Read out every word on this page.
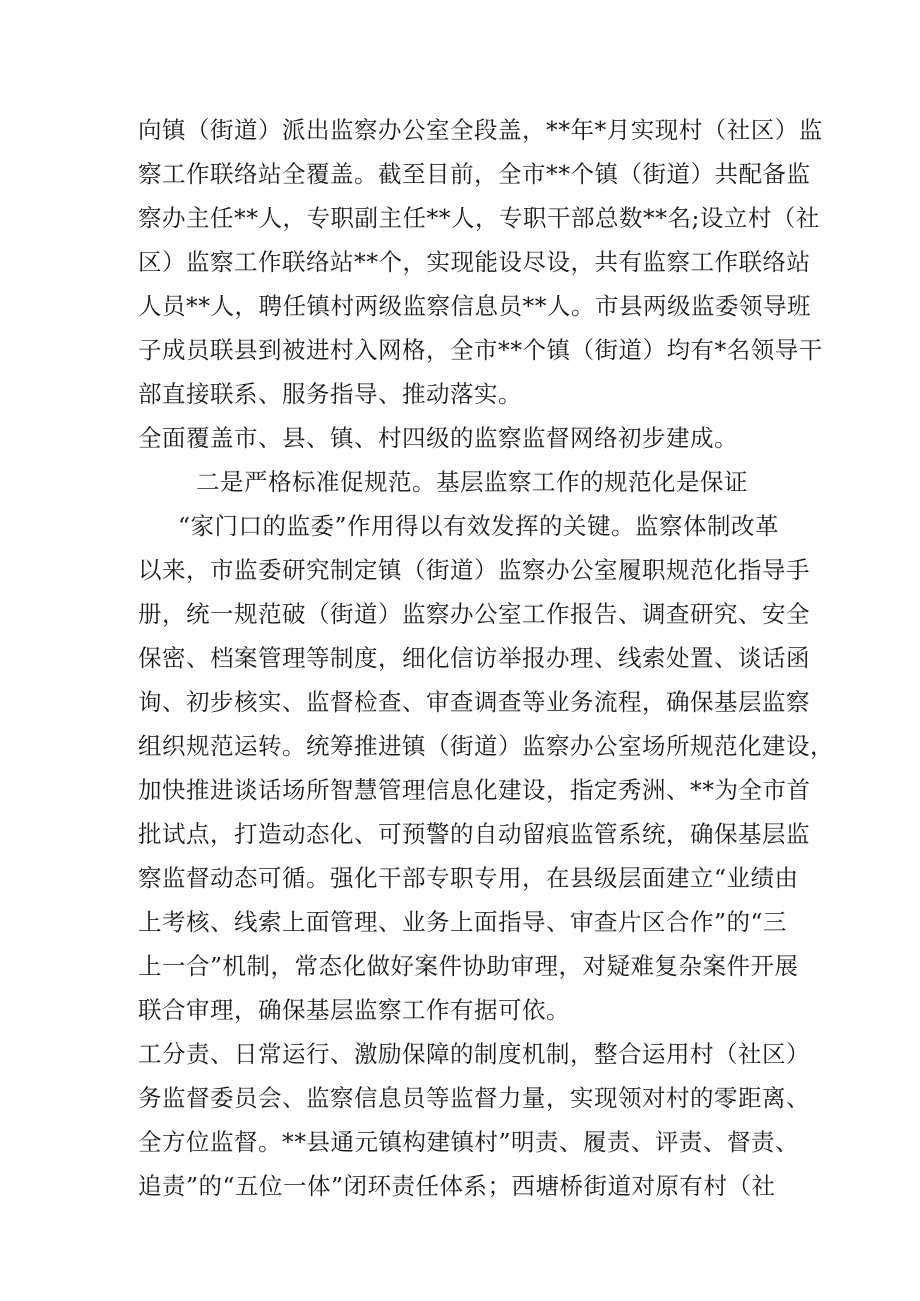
向镇（街道）派出监察办公室全段盖，**年*月实现村（社区）监
察工作联络站全覆盖。截至目前，全市**个镇（街道）共配备监
察办主任**人，专职副主任**人，专职干部总数**名;设立村（社
区）监察工作联络站**个，实现能设尽设，共有监察工作联络站
人员**人，聘任镇村两级监察信息员**人。市县两级监委领导班
子成员联县到被进村入网格，全市**个镇（街道）均有*名领导干
部直接联系、服务指导、推动落实。
全面覆盖市、县、镇、村四级的监察监督网络初步建成。
二是严格标准促规范。基层监察工作的规范化是保证
“家门口的监委”作用得以有效发挥的关键。监察体制改革
以来，市监委研究制定镇（街道）监察办公室履职规范化指导手
册，统一规范破（街道）监察办公室工作报告、调查研究、安全
保密、档案管理等制度，细化信访举报办理、线索处置、谈话函
询、初步核实、监督检查、审查调查等业务流程，确保基层监察
组织规范运转。统筹推进镇（街道）监察办公室场所规范化建设，
加快推进谈话场所智慧管理信息化建设，指定秀洲、**为全市首
批试点，打造动态化、可预警的自动留痕监管系统，确保基层监
察监督动态可循。强化干部专职专用，在县级层面建立“业绩由
上考核、线索上面管理、业务上面指导、审查片区合作”的“三
上一合”机制，常态化做好案件协助审理，对疑难复杂案件开展
联合审理，确保基层监察工作有据可依。
工分责、日常运行、激励保障的制度机制，整合运用村（社区）
务监督委员会、监察信息员等监督力量，实现领对村的零距离、
全方位监督。**县通元镇构建镇村”明责、履责、评责、督责、
追责”的“五位一体”闭环责任体系；西塘桥街道对原有村（社
